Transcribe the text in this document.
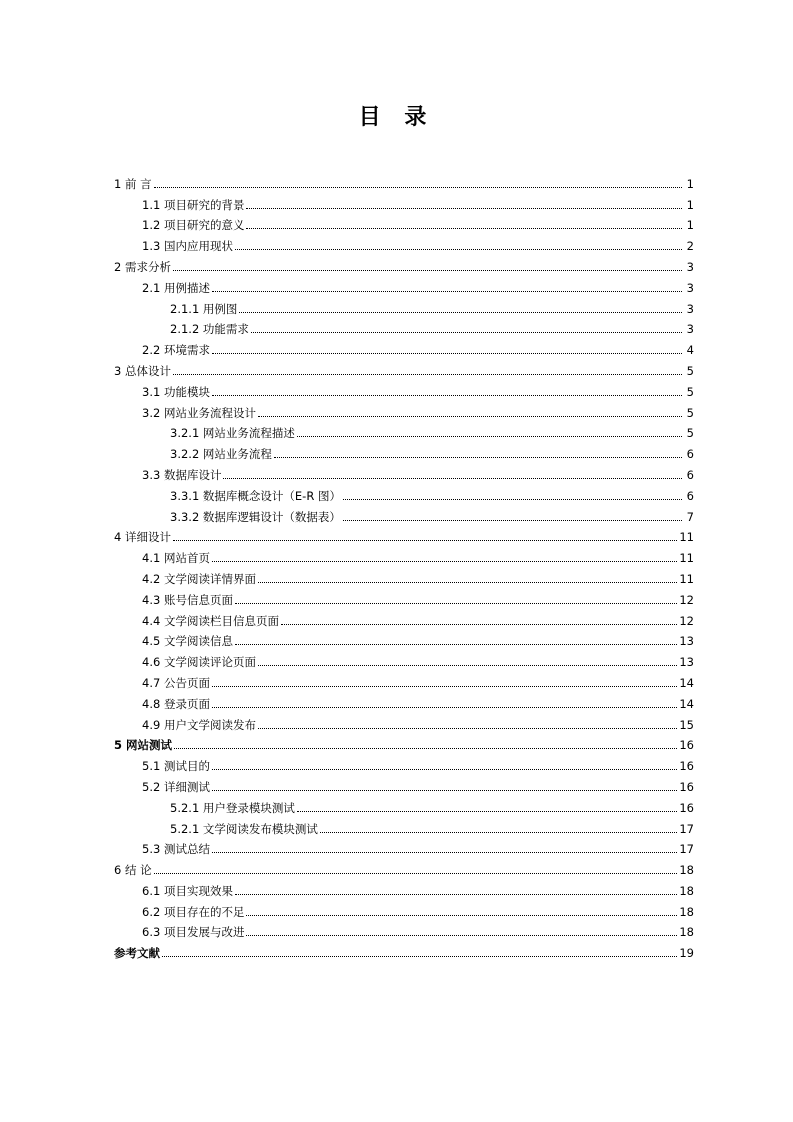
目 录
1 前 言	1
1.1 项目研究的背景	1
1.2 项目研究的意义	1
1.3 国内应用现状	2
2 需求分析	3
2.1 用例描述	3
2.1.1 用例图	3
2.1.2 功能需求	3
2.2 环境需求	4
3 总体设计	5
3.1 功能模块	5
3.2 网站业务流程设计	5
3.2.1 网站业务流程描述	5
3.2.2 网站业务流程	6
3.3 数据库设计	6
3.3.1 数据库概念设计（E-R 图）	6
3.3.2 数据库逻辑设计（数据表）	7
4 详细设计	11
4.1 网站首页	11
4.2 文学阅读详情界面	11
4.3 账号信息页面	12
4.4 文学阅读栏目信息页面	12
4.5 文学阅读信息	13
4.6 文学阅读评论页面	13
4.7 公告页面	14
4.8 登录页面	14
4.9 用户文学阅读发布	15
5 网站测试	16
5.1 测试目的	16
5.2 详细测试	16
5.2.1 用户登录模块测试	16
5.2.1 文学阅读发布模块测试	17
5.3 测试总结	17
6 结 论	18
6.1 项目实现效果	18
6.2 项目存在的不足	18
6.3 项目发展与改进	18
参考文献	19
